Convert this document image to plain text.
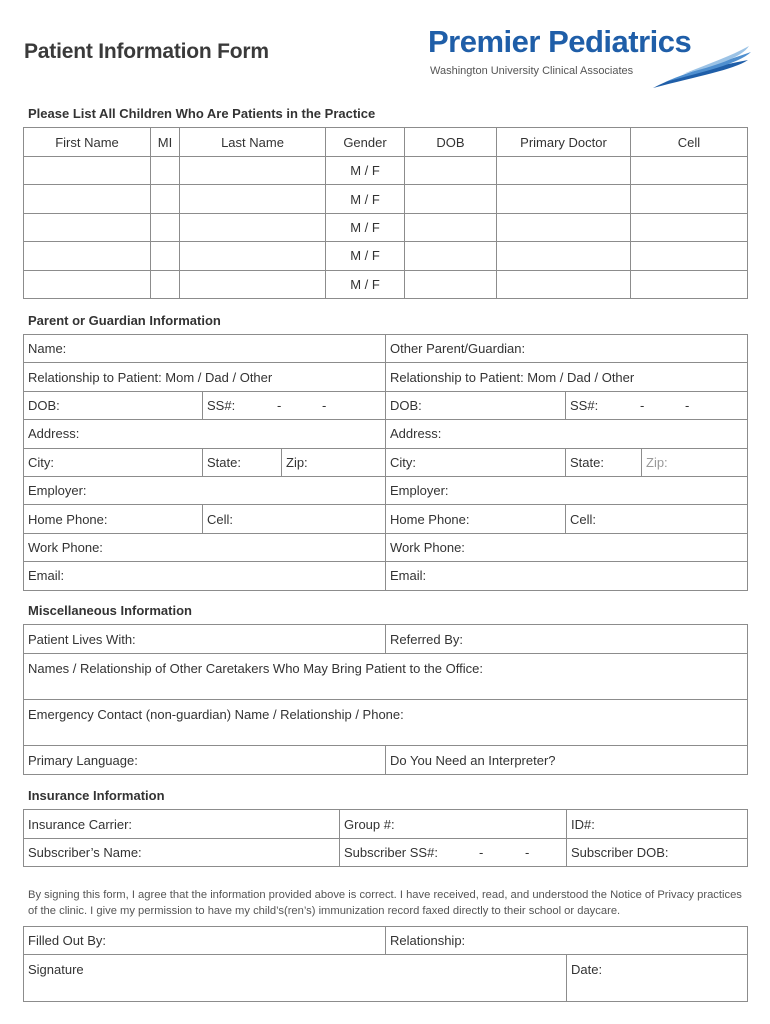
Patient Information Form	Premier Pediatrics
Washington University Clinical Associates
Please List All Children Who Are Patients in the Practice
First Name	MI	Last Name	Gender	DOB	Primary Doctor	Cell
			M / F			
			M / F			
			M / F			
			M / F			
			M / F			
Parent or Guardian Information
Name:			Other Parent/Guardian:		
Relationship to Patient: Mom / Dad / Other			Relationship to Patient: Mom / Dad / Other		
DOB:	SS#: - -		DOB:	SS#: - -	
Address:			Address:		
City:	State:	Zip:	City:	State:	Zip:
Employer:			Employer:		
Home Phone:	Cell:		Home Phone:	Cell:	
Work Phone:			Work Phone:		
Email:			Email:		
Miscellaneous Information
Patient Lives With:	Referred By:
Names / Relationship of Other Caretakers Who May Bring Patient to the Office:	
Emergency Contact (non-guardian) Name / Relationship / Phone:	
Primary Language:	Do You Need an Interpreter?
Insurance Information
Insurance Carrier:	Group #:	ID#:
Subscriber’s Name:	Subscriber SS#: - -	Subscriber DOB:
By signing this form, I agree that the information provided above is correct. I have received, read, and understood the Notice of Privacy practices of the clinic. I give my permission to have my child’s(ren’s) immunization record faxed directly to their school or daycare.
Filled Out By:	Relationship:	
Signature		Date:
